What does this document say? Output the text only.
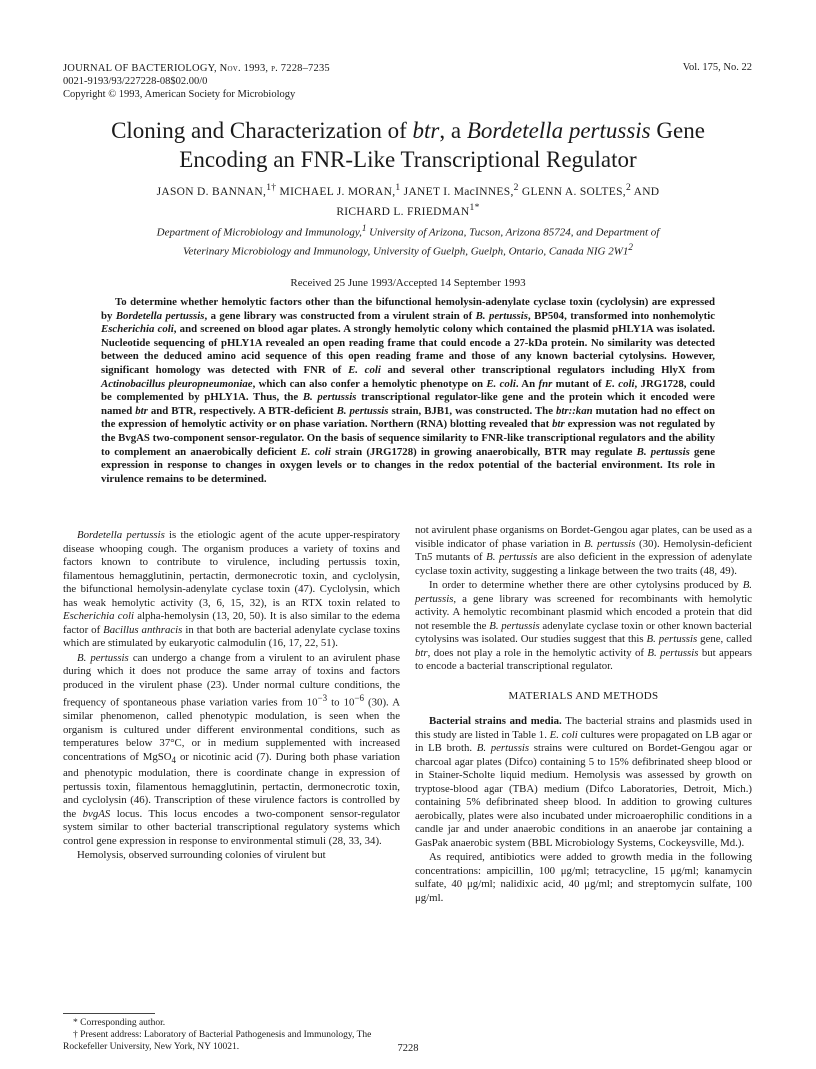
JOURNAL OF BACTERIOLOGY, Nov. 1993, p. 7228–7235
0021-9193/93/227228-08$02.00/0
Copyright © 1993, American Society for Microbiology
Vol. 175, No. 22
Cloning and Characterization of btr, a Bordetella pertussis Gene
Encoding an FNR-Like Transcriptional Regulator
JASON D. BANNAN,$^{1\dagger}$ MICHAEL J. MORAN,$^1$ JANET I. MacINNES,$^2$ GLENN A. SOLTES,$^2$ AND
RICHARD L. $FRIEDMAN^{1*}$
Department of Microbiology and Immunology,$^1$ University of Arizona, Tucson, Arizona 85724, and Department of
Veterinary Microbiology and Immunology, University of Guelph, Guelph, Ontario, Canada NIG $2W1^2$
Received 25 June 1993/Accepted 14 September 1993
To determine whether hemolytic factors other than the bifunctional hemolysin-adenylate cyclase toxin (cyclolysin) are expressed by Bordetella pertussis, a gene library was constructed from a virulent strain of B. pertussis, BP504, transformed into nonhemolytic Escherichia coli, and screened on blood agar plates. A strongly hemolytic colony which contained the plasmid pHLY1A was isolated. Nucleotide sequencing of pHLY1A revealed an open reading frame that could encode a 27-kDa protein. No similarity was detected between the deduced amino acid sequence of this open reading frame and those of any known bacterial cytolysins. However, significant homology was detected with FNR of E. coli and several other transcriptional regulators including HlyX from Actinobacillus pleuropneumoniae, which can also confer a hemolytic phenotype on E. coli. An fnr mutant of E. coli, JRG1728, could be complemented by pHLY1A. Thus, the B. pertussis transcriptional regulator-like gene and the protein which it encoded were named btr and BTR, respectively. A BTR-deficient B. pertussis strain, BJB1, was constructed. The btr::kan mutation had no effect on the expression of hemolytic activity or on phase variation. Northern (RNA) blotting revealed that btr expression was not regulated by the BvgAS two-component sensor-regulator. On the basis of sequence similarity to FNR-like transcriptional regulators and the ability to complement an anaerobically deficient E. coli strain (JRG1728) in growing anaerobically, BTR may regulate B. pertussis gene expression in response to changes in oxygen levels or to changes in the redox potential of the bacterial environment. Its role in virulence remains to be determined.

Bordetella pertussis is the etiologic agent of the acute upper-respiratory disease whooping cough. The organism produces a variety of toxins and factors known to contribute to virulence, including pertussis toxin, filamentous hemagglutinin, pertactin, dermonecrotic toxin, and cyclolysin, the bifunctional hemolysin-adenylate cyclase toxin (47). Cyclolysin, which has weak hemolytic activity (3, 6, 15, 32), is an RTX toxin related to Escherichia coli alpha-hemolysin (13, 20, 50). It is also similar to the edema factor of Bacillus anthracis in that both are bacterial adenylate cyclase toxins which are stimulated by eukaryotic calmodulin (16, 17, 22, 51).

B. pertussis can undergo a change from a virulent to an avirulent phase during which it does not produce the same array of toxins and factors produced in the virulent phase (23). Under normal culture conditions, the frequency of spontaneous phase variation varies from $10^{-3}$ to $10^{-6}$ (30). A similar phenomenon, called phenotypic modulation, is seen when the organism is cultured under different environmental conditions, such as temperatures below 37°C, or in medium supplemented with increased concentrations of MgSO$_4$ or nicotinic acid (7). During both phase variation and phenotypic modulation, there is coordinate change in expression of pertussis toxin, filamentous hemagglutinin, pertactin, dermonecrotic toxin, and cyclolysin (46). Transcription of these virulence factors is controlled by the bvgAS locus. This locus encodes a two-component sensor-regulator system similar to other bacterial transcriptional regulatory systems which control gene expression in response to environmental stimuli (28, 33, 34).

Hemolysis, observed surrounding colonies of virulent but

not avirulent phase organisms on Bordet-Gengou agar plates, can be used as a visible indicator of phase variation in B. pertussis (30). Hemolysin-deficient Tn5 mutants of B. pertussis are also deficient in the expression of adenylate cyclase toxin activity, suggesting a linkage between the two traits (48, 49).

In order to determine whether there are other cytolysins produced by B. pertussis, a gene library was screened for recombinants with hemolytic activity. A hemolytic recombinant plasmid which encoded a protein that did not resemble the B. pertussis adenylate cyclase toxin or other known bacterial cytolysins was isolated. Our studies suggest that this B. pertussis gene, called btr, does not play a role in the hemolytic activity of B. pertussis but appears to encode a bacterial transcriptional regulator.

MATERIALS AND METHODS

Bacterial strains and media. The bacterial strains and plasmids used in this study are listed in Table 1. E. coli cultures were propagated on LB agar or in LB broth. B. pertussis strains were cultured on Bordet-Gengou agar or charcoal agar plates (Difco) containing 5 to 15% defibrinated sheep blood or in Stainer-Scholte liquid medium. Hemolysis was assessed by growth on tryptose-blood agar (TBA) medium (Difco Laboratories, Detroit, Mich.) containing 5% defibrinated sheep blood. In addition to growing cultures aerobically, plates were also incubated under microaerophilic conditions in a candle jar and under anaerobic conditions in an anaerobe jar containing a GasPak anaerobic system (BBL Microbiology Systems, Cockeysville, Md.).

As required, antibiotics were added to growth media in the following concentrations: ampicillin, 100 μg/ml; tetracycline, 15 μg/ml; kanamycin sulfate, 40 μg/ml; nalidixic acid, 40 μg/ml; and streptomycin sulfate, 100 μg/ml.

* Corresponding author.
† Present address: Laboratory of Bacterial Pathogenesis and Immunology, The Rockefeller University, New York, NY 10021.	7228
